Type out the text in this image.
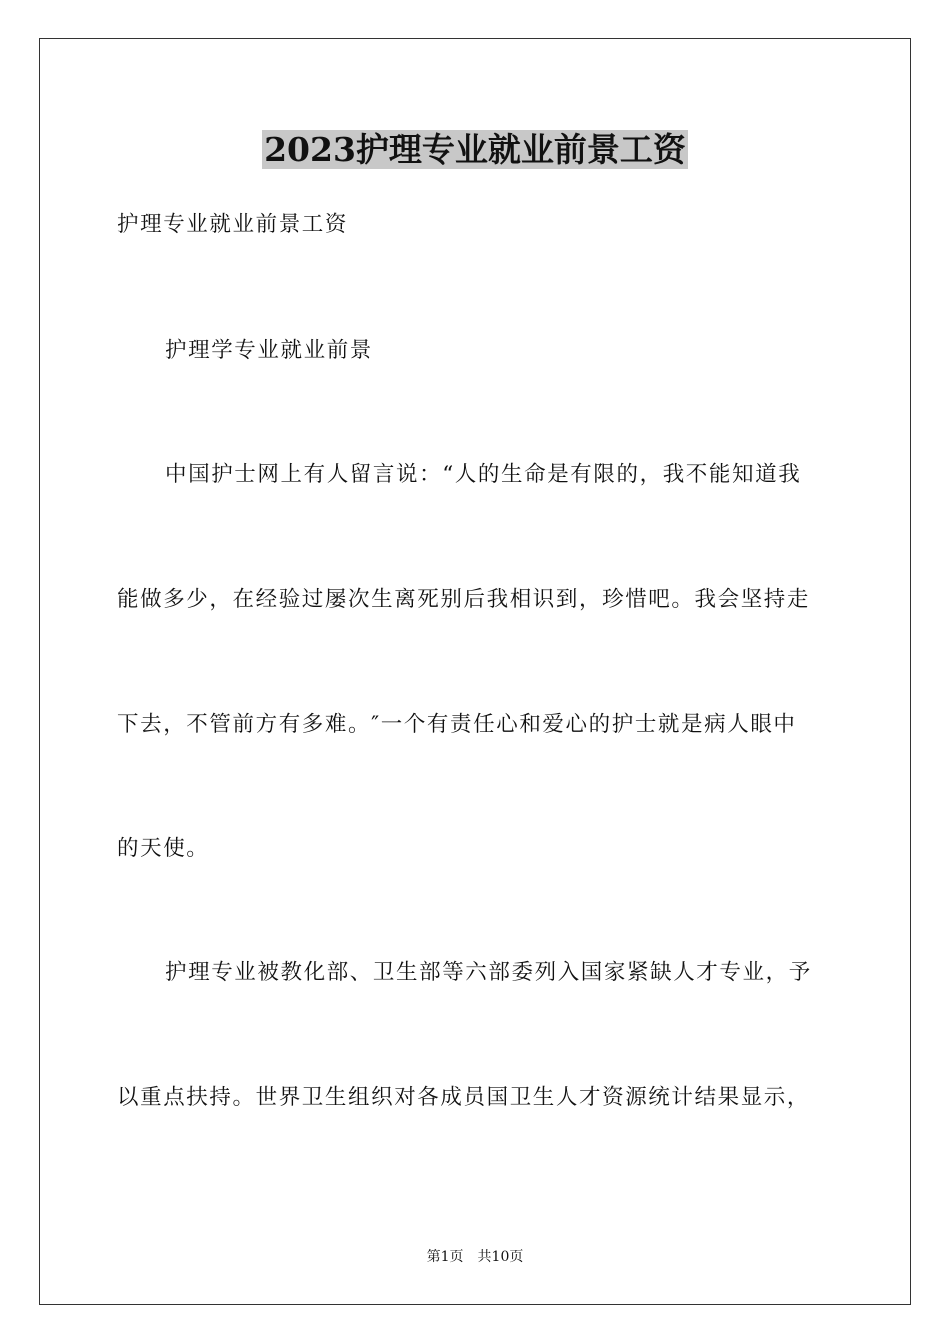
2023护理专业就业前景工资
护理专业就业前景工资
护理学专业就业前景
中国护士网上有人留言说：“人的生命是有限的，我不能知道我
能做多少，在经验过屡次生离死别后我相识到，珍惜吧。我会坚持走
下去，不管前方有多难。″一个有责任心和爱心的护士就是病人眼中
的天使。
护理专业被教化部、卫生部等六部委列入国家紧缺人才专业，予
以重点扶持。世界卫生组织对各成员国卫生人才资源统计结果显示，
第1页 共10页
